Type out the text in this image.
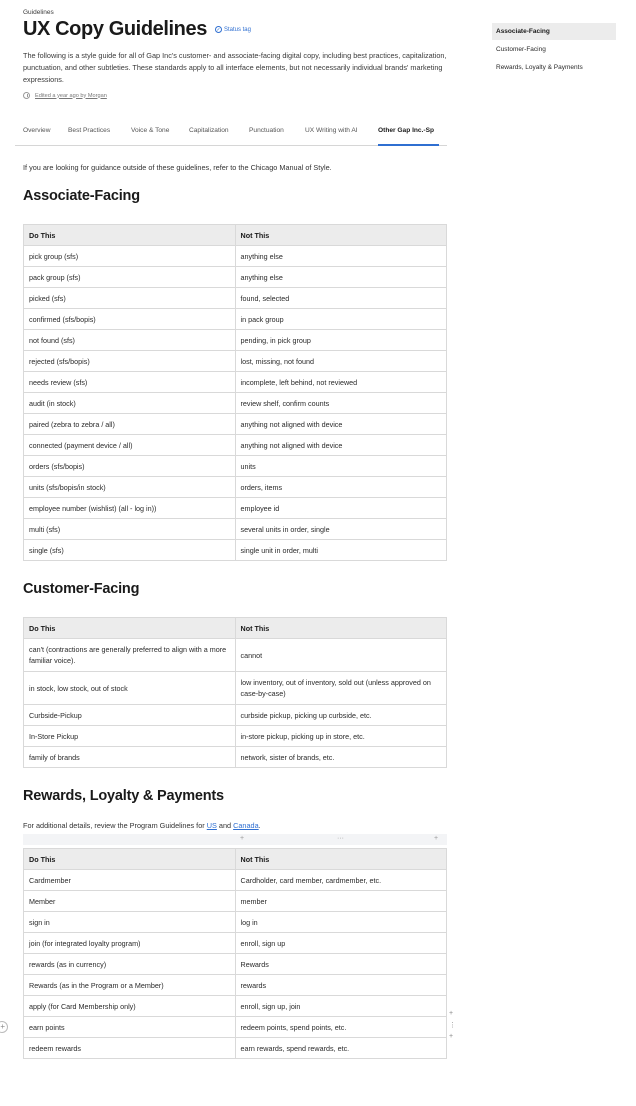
Guidelines
UX Copy Guidelines ✓ Status tag
The following is a style guide for all of Gap Inc's customer- and associate-facing digital copy, including best practices, capitalization, punctuation, and other subtleties. These standards apply to all interface elements, but not necessarily individual brands' marketing expressions.
Edited a year ago by Morgan
Overview	Best Practices	Voice & Tone	Capitalization	Punctuation	UX Writing with AI	Other Gap Inc.-Sp
If you are looking for guidance outside of these guidelines, refer to the Chicago Manual of Style.
Associate-Facing
Do This	Not This
pick group (sfs)	anything else
pack group (sfs)	anything else
picked (sfs)	found, selected
confirmed (sfs/bopis)	in pack group
not found (sfs)	pending, in pick group
rejected (sfs/bopis)	lost, missing, not found
needs review (sfs)	incomplete, left behind, not reviewed
audit (in stock)	review shelf, confirm counts
paired (zebra to zebra / all)	anything not aligned with device
connected (payment device / all)	anything not aligned with device
orders (sfs/bopis)	units
units (sfs/bopis/in stock)	orders, items
employee number (wishlist) (all - log in))	employee id
multi (sfs)	several units in order, single
single (sfs)	single unit in order, multi
Customer-Facing
Do This	Not This
can't (contractions are generally preferred to align with a more familiar voice).	cannot
in stock, low stock, out of stock	low inventory, out of inventory, sold out (unless approved on case-by-case)
Curbside-Pickup	curbside pickup, picking up curbside, etc.
In-Store Pickup	in-store pickup, picking up in store, etc.
family of brands	network, sister of brands, etc.
Rewards, Loyalty & Payments
For additional details, review the Program Guidelines for US and Canada.
+	···	+
Do This	Not This
Cardmember	Cardholder, card member, cardmember, etc.
Member	member
sign in	log in
join (for integrated loyalty program)	enroll, sign up
rewards (as in currency)	Rewards
Rewards (as in the Program or a Member)	rewards
apply (for Card Membership only)	enroll, sign up, join
earn points	redeem points, spend points, etc.
redeem rewards	earn rewards, spend rewards, etc.
+
⋮
+
+
Associate-Facing
Customer-Facing
Rewards, Loyalty & Payments
